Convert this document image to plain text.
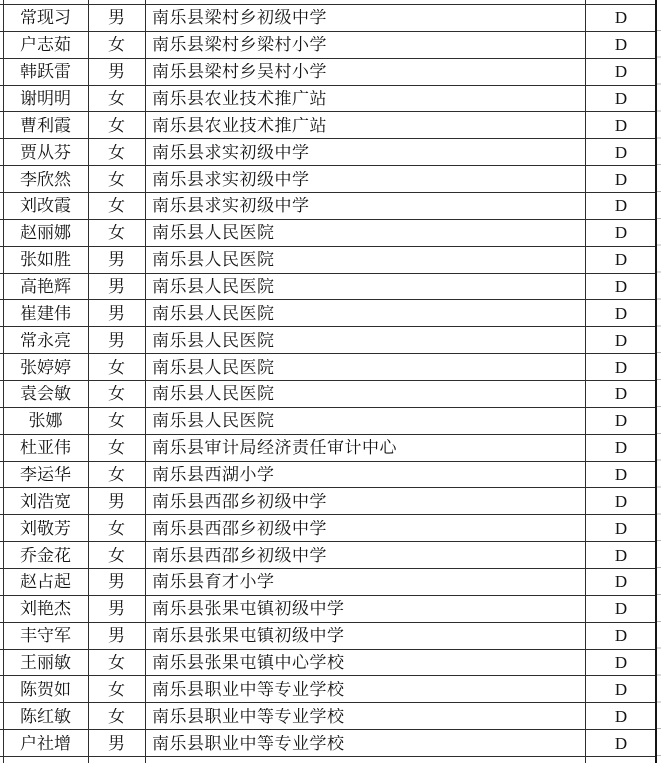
常现习	男	南乐县梁村乡初级中学	D
户志茹	女	南乐县梁村乡梁村小学	D
韩跃雷	男	南乐县梁村乡吴村小学	D
谢明明	女	南乐县农业技术推广站	D
曹利霞	女	南乐县农业技术推广站	D
贾从芬	女	南乐县求实初级中学	D
李欣然	女	南乐县求实初级中学	D
刘改霞	女	南乐县求实初级中学	D
赵丽娜	女	南乐县人民医院	D
张如胜	男	南乐县人民医院	D
高艳辉	男	南乐县人民医院	D
崔建伟	男	南乐县人民医院	D
常永亮	男	南乐县人民医院	D
张婷婷	女	南乐县人民医院	D
袁会敏	女	南乐县人民医院	D
张娜	女	南乐县人民医院	D
杜亚伟	女	南乐县审计局经济责任审计中心	D
李运华	女	南乐县西湖小学	D
刘浩宽	男	南乐县西邵乡初级中学	D
刘敬芳	女	南乐县西邵乡初级中学	D
乔金花	女	南乐县西邵乡初级中学	D
赵占起	男	南乐县育才小学	D
刘艳杰	男	南乐县张果屯镇初级中学	D
丰守军	男	南乐县张果屯镇初级中学	D
王丽敏	女	南乐县张果屯镇中心学校	D
陈贺如	女	南乐县职业中等专业学校	D
陈红敏	女	南乐县职业中等专业学校	D
户社增	男	南乐县职业中等专业学校	D
